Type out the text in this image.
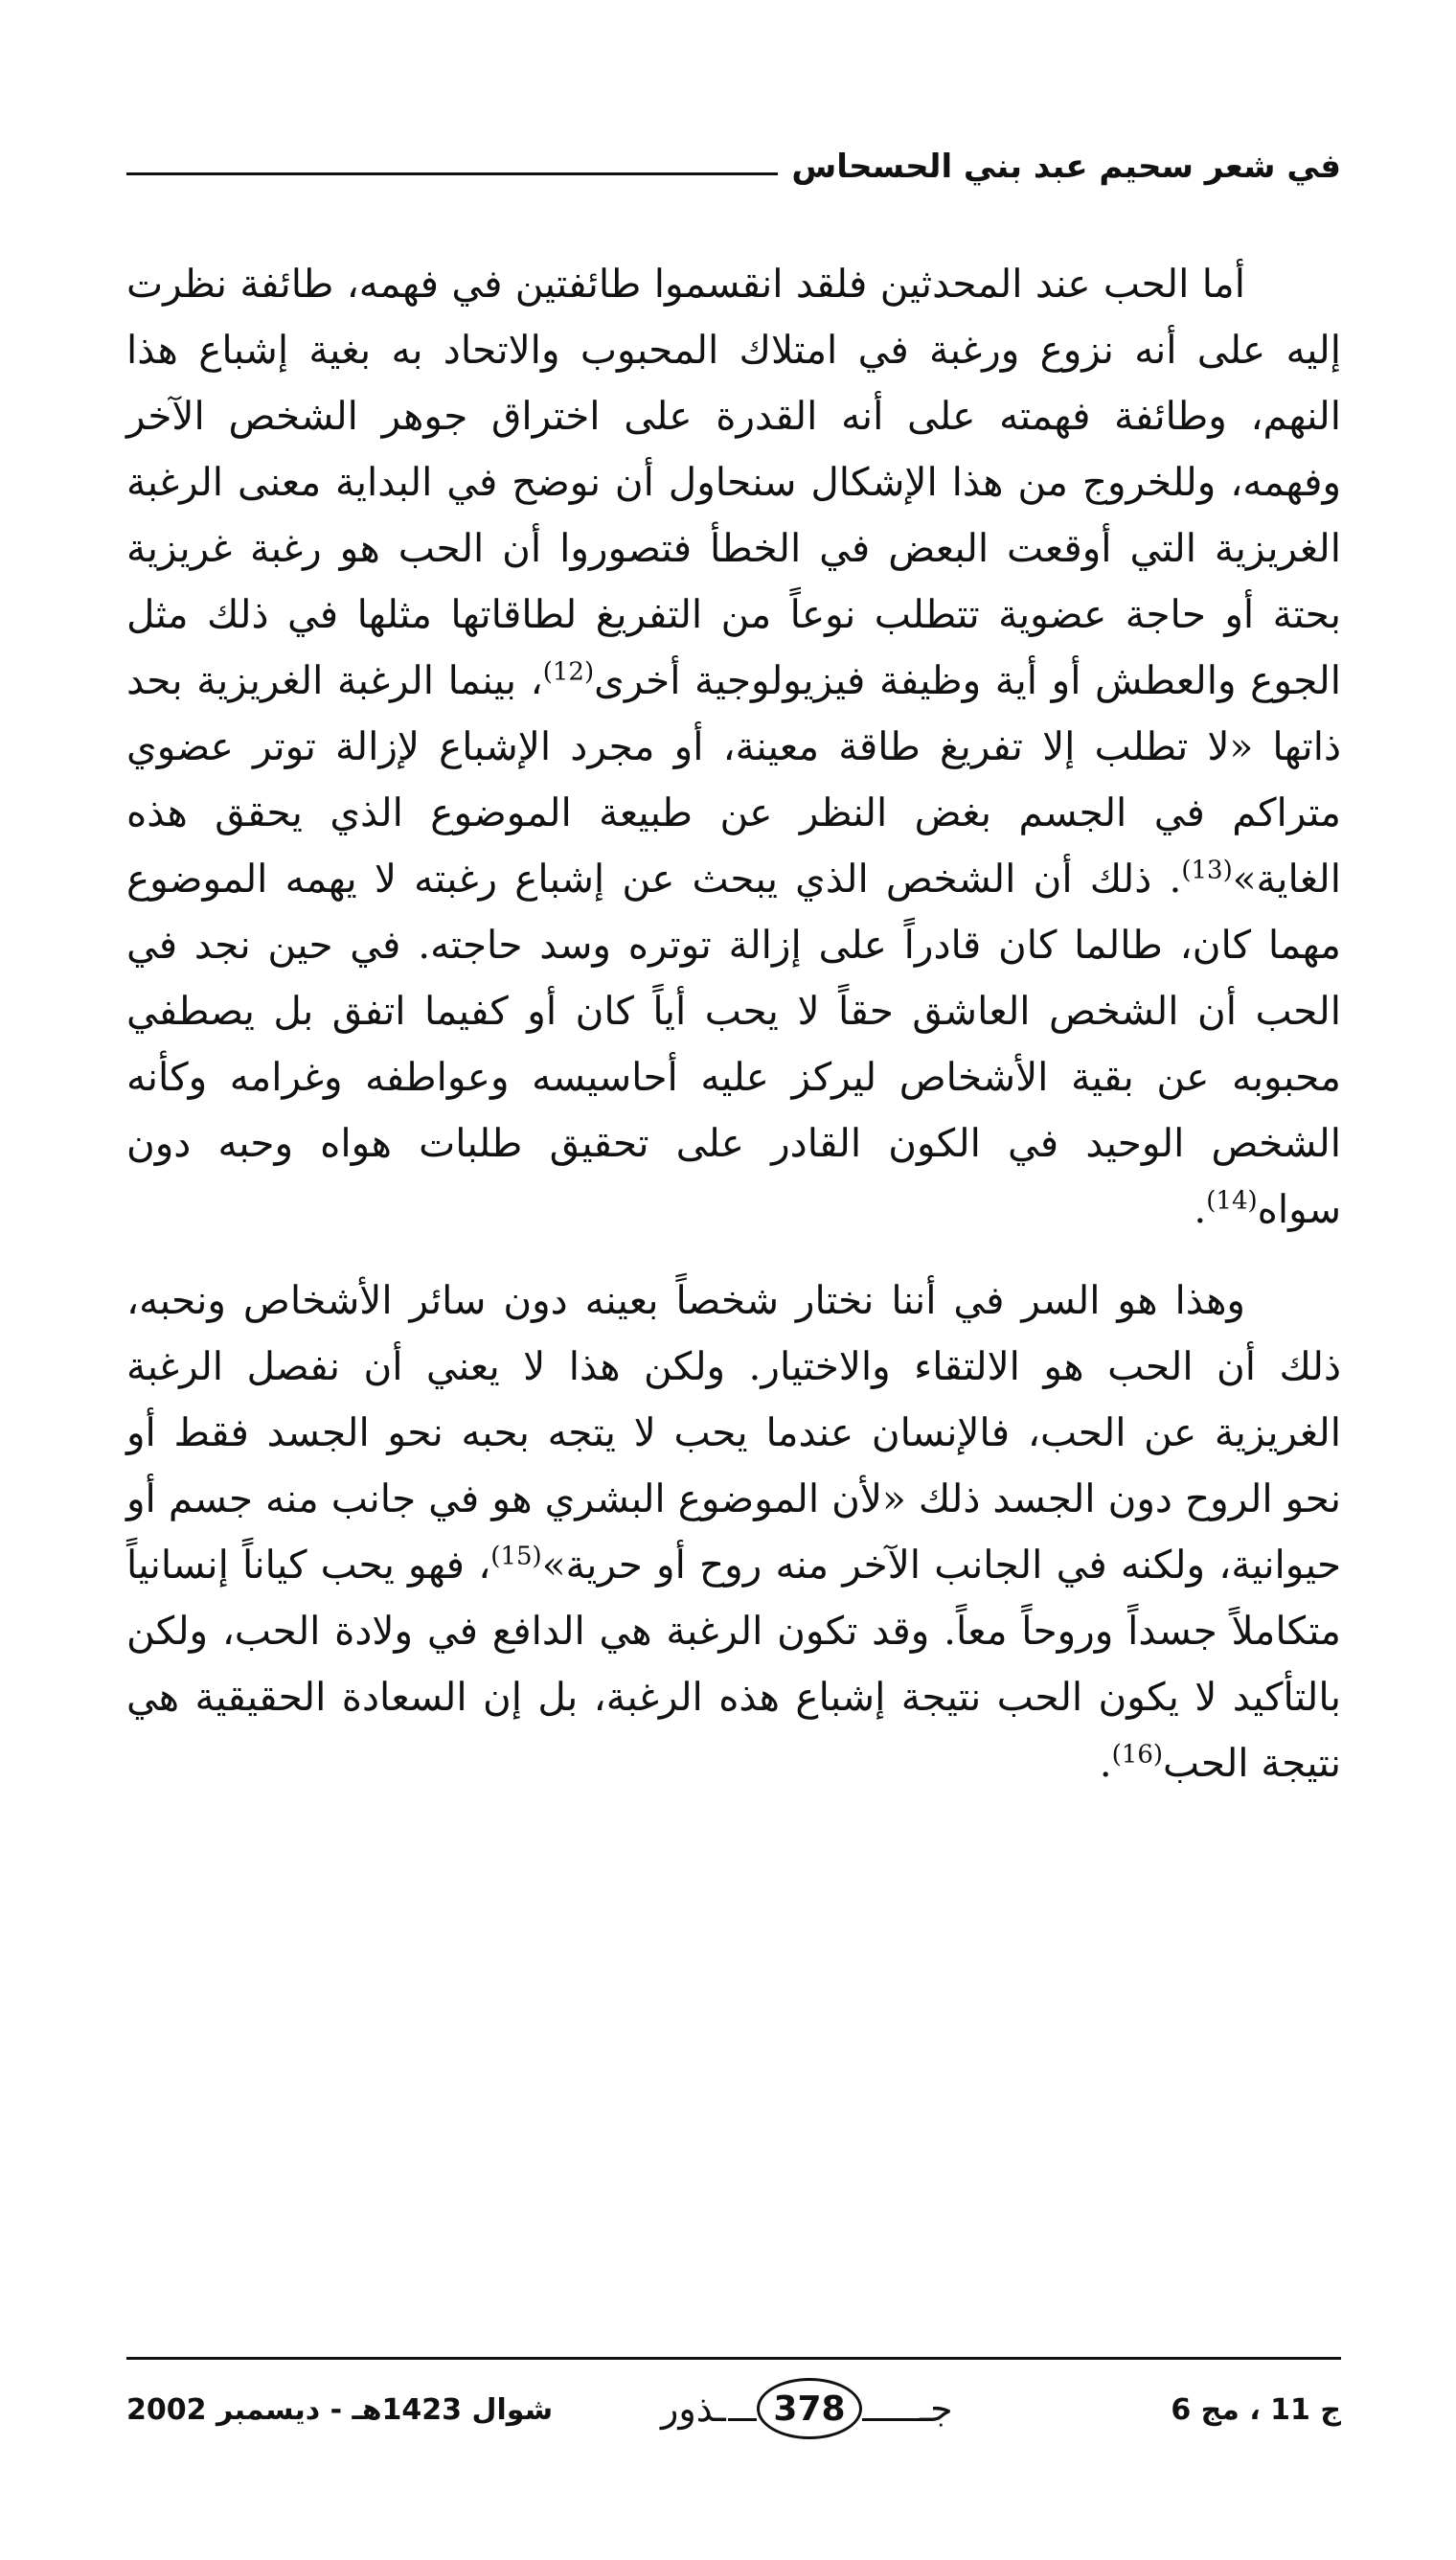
في شعر سحيم عبد بني الحسحاس

أما الحب عند المحدثين فلقد انقسموا طائفتين في فهمه، طائفة نظرت إليه على أنه نزوع ورغبة في امتلاك المحبوب والاتحاد به بغية إشباع هذا النهم، وطائفة فهمته على أنه القدرة على اختراق جوهر الشخص الآخر وفهمه، وللخروج من هذا الإشكال سنحاول أن نوضح في البداية معنى الرغبة الغريزية التي أوقعت البعض في الخطأ فتصوروا أن الحب هو رغبة غريزية بحتة أو حاجة عضوية تتطلب نوعاً من التفريغ لطاقاتها مثلها في ذلك مثل الجوع والعطش أو أية وظيفة فيزيولوجية أخرى$^{(12)}$، بينما الرغبة الغريزية بحد ذاتها «لا تطلب إلا تفريغ طاقة معينة، أو مجرد الإشباع لإزالة توتر عضوي متراكم في الجسم بغض النظر عن طبيعة الموضوع الذي يحقق هذه الغاية»$^{(13)}$. ذلك أن الشخص الذي يبحث عن إشباع رغبته لا يهمه الموضوع مهما كان، طالما كان قادراً على إزالة توتره وسد حاجته. في حين نجد في الحب أن الشخص العاشق حقاً لا يحب أياً كان أو كفيما اتفق بل يصطفي محبوبه عن بقية الأشخاص ليركز عليه أحاسيسه وعواطفه وغرامه وكأنه الشخص الوحيد في الكون القادر على تحقيق طلبات هواه وحبه دون سواه$^{(14)}$.

وهذا هو السر في أننا نختار شخصاً بعينه دون سائر الأشخاص ونحبه، ذلك أن الحب هو الالتقاء والاختيار. ولكن هذا لا يعني أن نفصل الرغبة الغريزية عن الحب، فالإنسان عندما يحب لا يتجه بحبه نحو الجسد فقط أو نحو الروح دون الجسد ذلك «لأن الموضوع البشري هو في جانب منه جسم أو حيوانية، ولكنه في الجانب الآخر منه روح أو حرية»$^{(15)}$، فهو يحب كياناً إنسانياً متكاملاً جسداً وروحاً معاً. وقد تكون الرغبة هي الدافع في ولادة الحب، ولكن بالتأكيد لا يكون الحب نتيجة إشباع هذه الرغبة، بل إن السعادة الحقيقية هي نتيجة الحب$^{(16)}$.

شوال 1423هـ - ديسمبر 2002	ـذور	378	جـ	ج 11 ، مج 6
